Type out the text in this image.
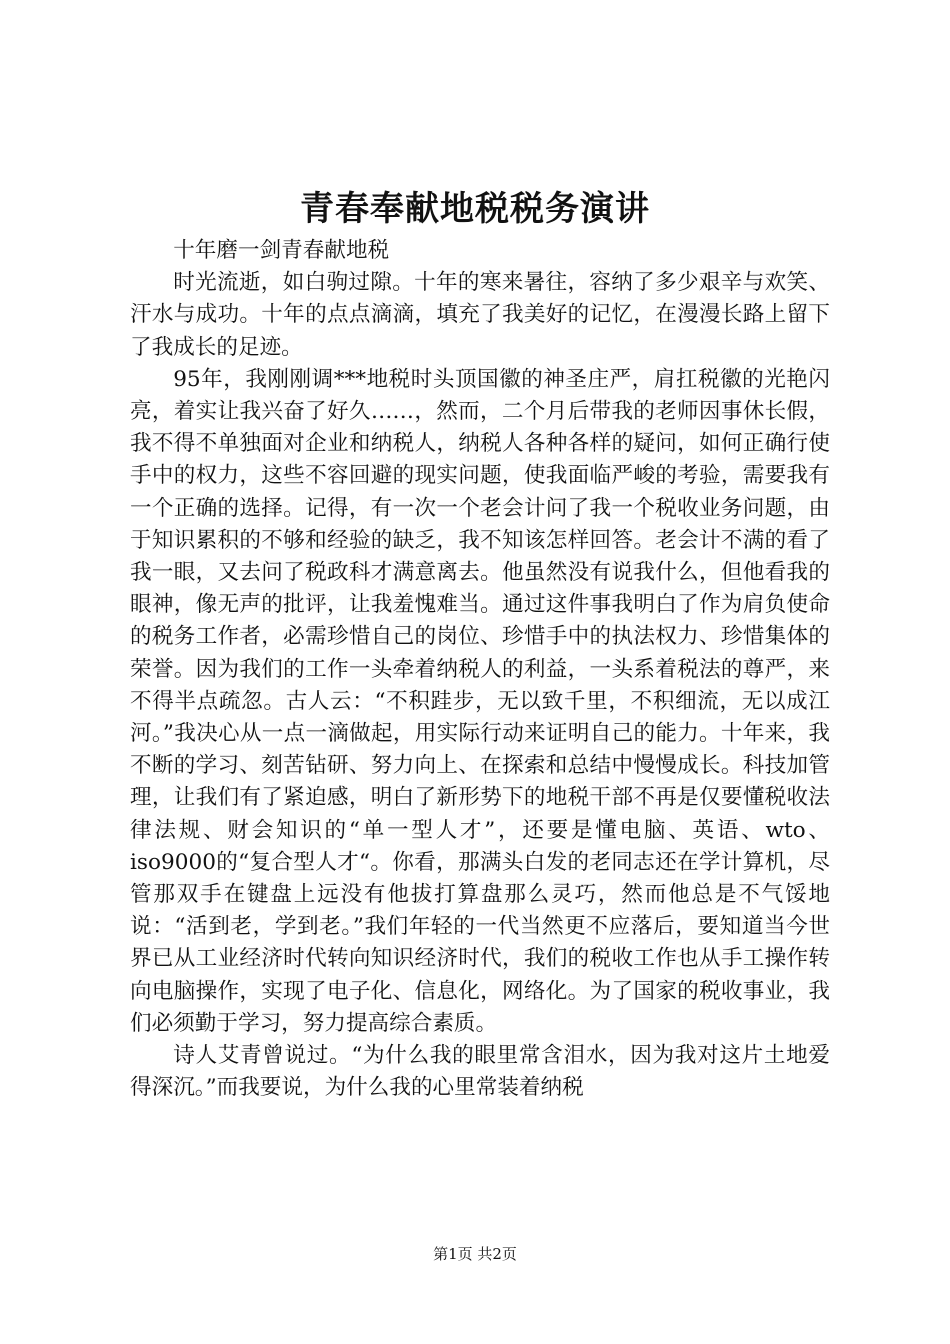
青春奉献地税税务演讲

十年磨一剑青春献地税

时光流逝，如白驹过隙。十年的寒来暑往，容纳了多少艰辛与欢笑、汗水与成功。十年的点点滴滴，填充了我美好的记忆，在漫漫长路上留下了我成长的足迹。

95年，我刚刚调***地税时头顶国徽的神圣庄严，肩扛税徽的光艳闪亮，着实让我兴奋了好久……，然而，二个月后带我的老师因事休长假，我不得不单独面对企业和纳税人，纳税人各种各样的疑问，如何正确行使手中的权力，这些不容回避的现实问题，使我面临严峻的考验，需要我有一个正确的选择。记得，有一次一个老会计问了我一个税收业务问题，由于知识累积的不够和经验的缺乏，我不知该怎样回答。老会计不满的看了我一眼，又去问了税政科才满意离去。他虽然没有说我什么，但他看我的眼神，像无声的批评，让我羞愧难当。通过这件事我明白了作为肩负使命的税务工作者，必需珍惜自己的岗位、珍惜手中的执法权力、珍惜集体的荣誉。因为我们的工作一头牵着纳税人的利益，一头系着税法的尊严，来不得半点疏忽。古人云：“不积跬步，无以致千里，不积细流，无以成江河。”我决心从一点一滴做起，用实际行动来证明自己的能力。十年来，我不断的学习、刻苦钻研、努力向上、在探索和总结中慢慢成长。科技加管理，让我们有了紧迫感，明白了新形势下的地税干部不再是仅要懂税收法律法规、财会知识的“单一型人才”，还要是懂电脑、英语、wto、iso9000的“复合型人才“。你看，那满头白发的老同志还在学计算机，尽管那双手在键盘上远没有他拔打算盘那么灵巧，然而他总是不气馁地说：“活到老，学到老。”我们年轻的一代当然更不应落后，要知道当今世界已从工业经济时代转向知识经济时代，我们的税收工作也从手工操作转向电脑操作，实现了电子化、信息化，网络化。为了国家的税收事业，我们必须勤于学习，努力提高综合素质。

诗人艾青曾说过。“为什么我的眼里常含泪水，因为我对这片土地爱得深沉。”而我要说，为什么我的心里常装着纳税

第1页 共2页
